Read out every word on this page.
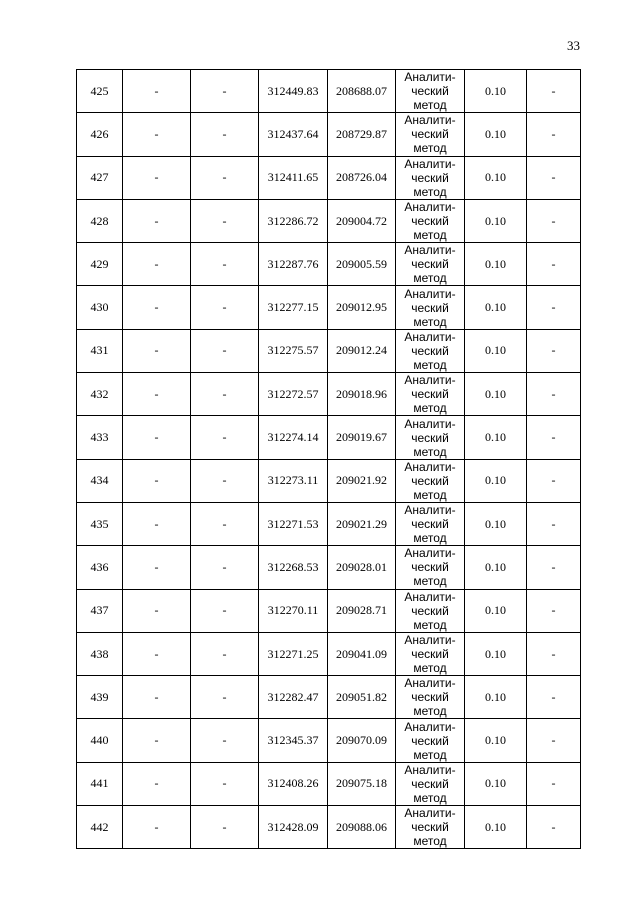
33
425	-	-	312449.83	208688.07	Аналити-
ческий
метод	0.10	-
426	-	-	312437.64	208729.87	Аналити-
ческий
метод	0.10	-
427	-	-	312411.65	208726.04	Аналити-
ческий
метод	0.10	-
428	-	-	312286.72	209004.72	Аналити-
ческий
метод	0.10	-
429	-	-	312287.76	209005.59	Аналити-
ческий
метод	0.10	-
430	-	-	312277.15	209012.95	Аналити-
ческий
метод	0.10	-
431	-	-	312275.57	209012.24	Аналити-
ческий
метод	0.10	-
432	-	-	312272.57	209018.96	Аналити-
ческий
метод	0.10	-
433	-	-	312274.14	209019.67	Аналити-
ческий
метод	0.10	-
434	-	-	312273.11	209021.92	Аналити-
ческий
метод	0.10	-
435	-	-	312271.53	209021.29	Аналити-
ческий
метод	0.10	-
436	-	-	312268.53	209028.01	Аналити-
ческий
метод	0.10	-
437	-	-	312270.11	209028.71	Аналити-
ческий
метод	0.10	-
438	-	-	312271.25	209041.09	Аналити-
ческий
метод	0.10	-
439	-	-	312282.47	209051.82	Аналити-
ческий
метод	0.10	-
440	-	-	312345.37	209070.09	Аналити-
ческий
метод	0.10	-
441	-	-	312408.26	209075.18	Аналити-
ческий
метод	0.10	-
442	-	-	312428.09	209088.06	Аналити-
ческий
метод	0.10	-
